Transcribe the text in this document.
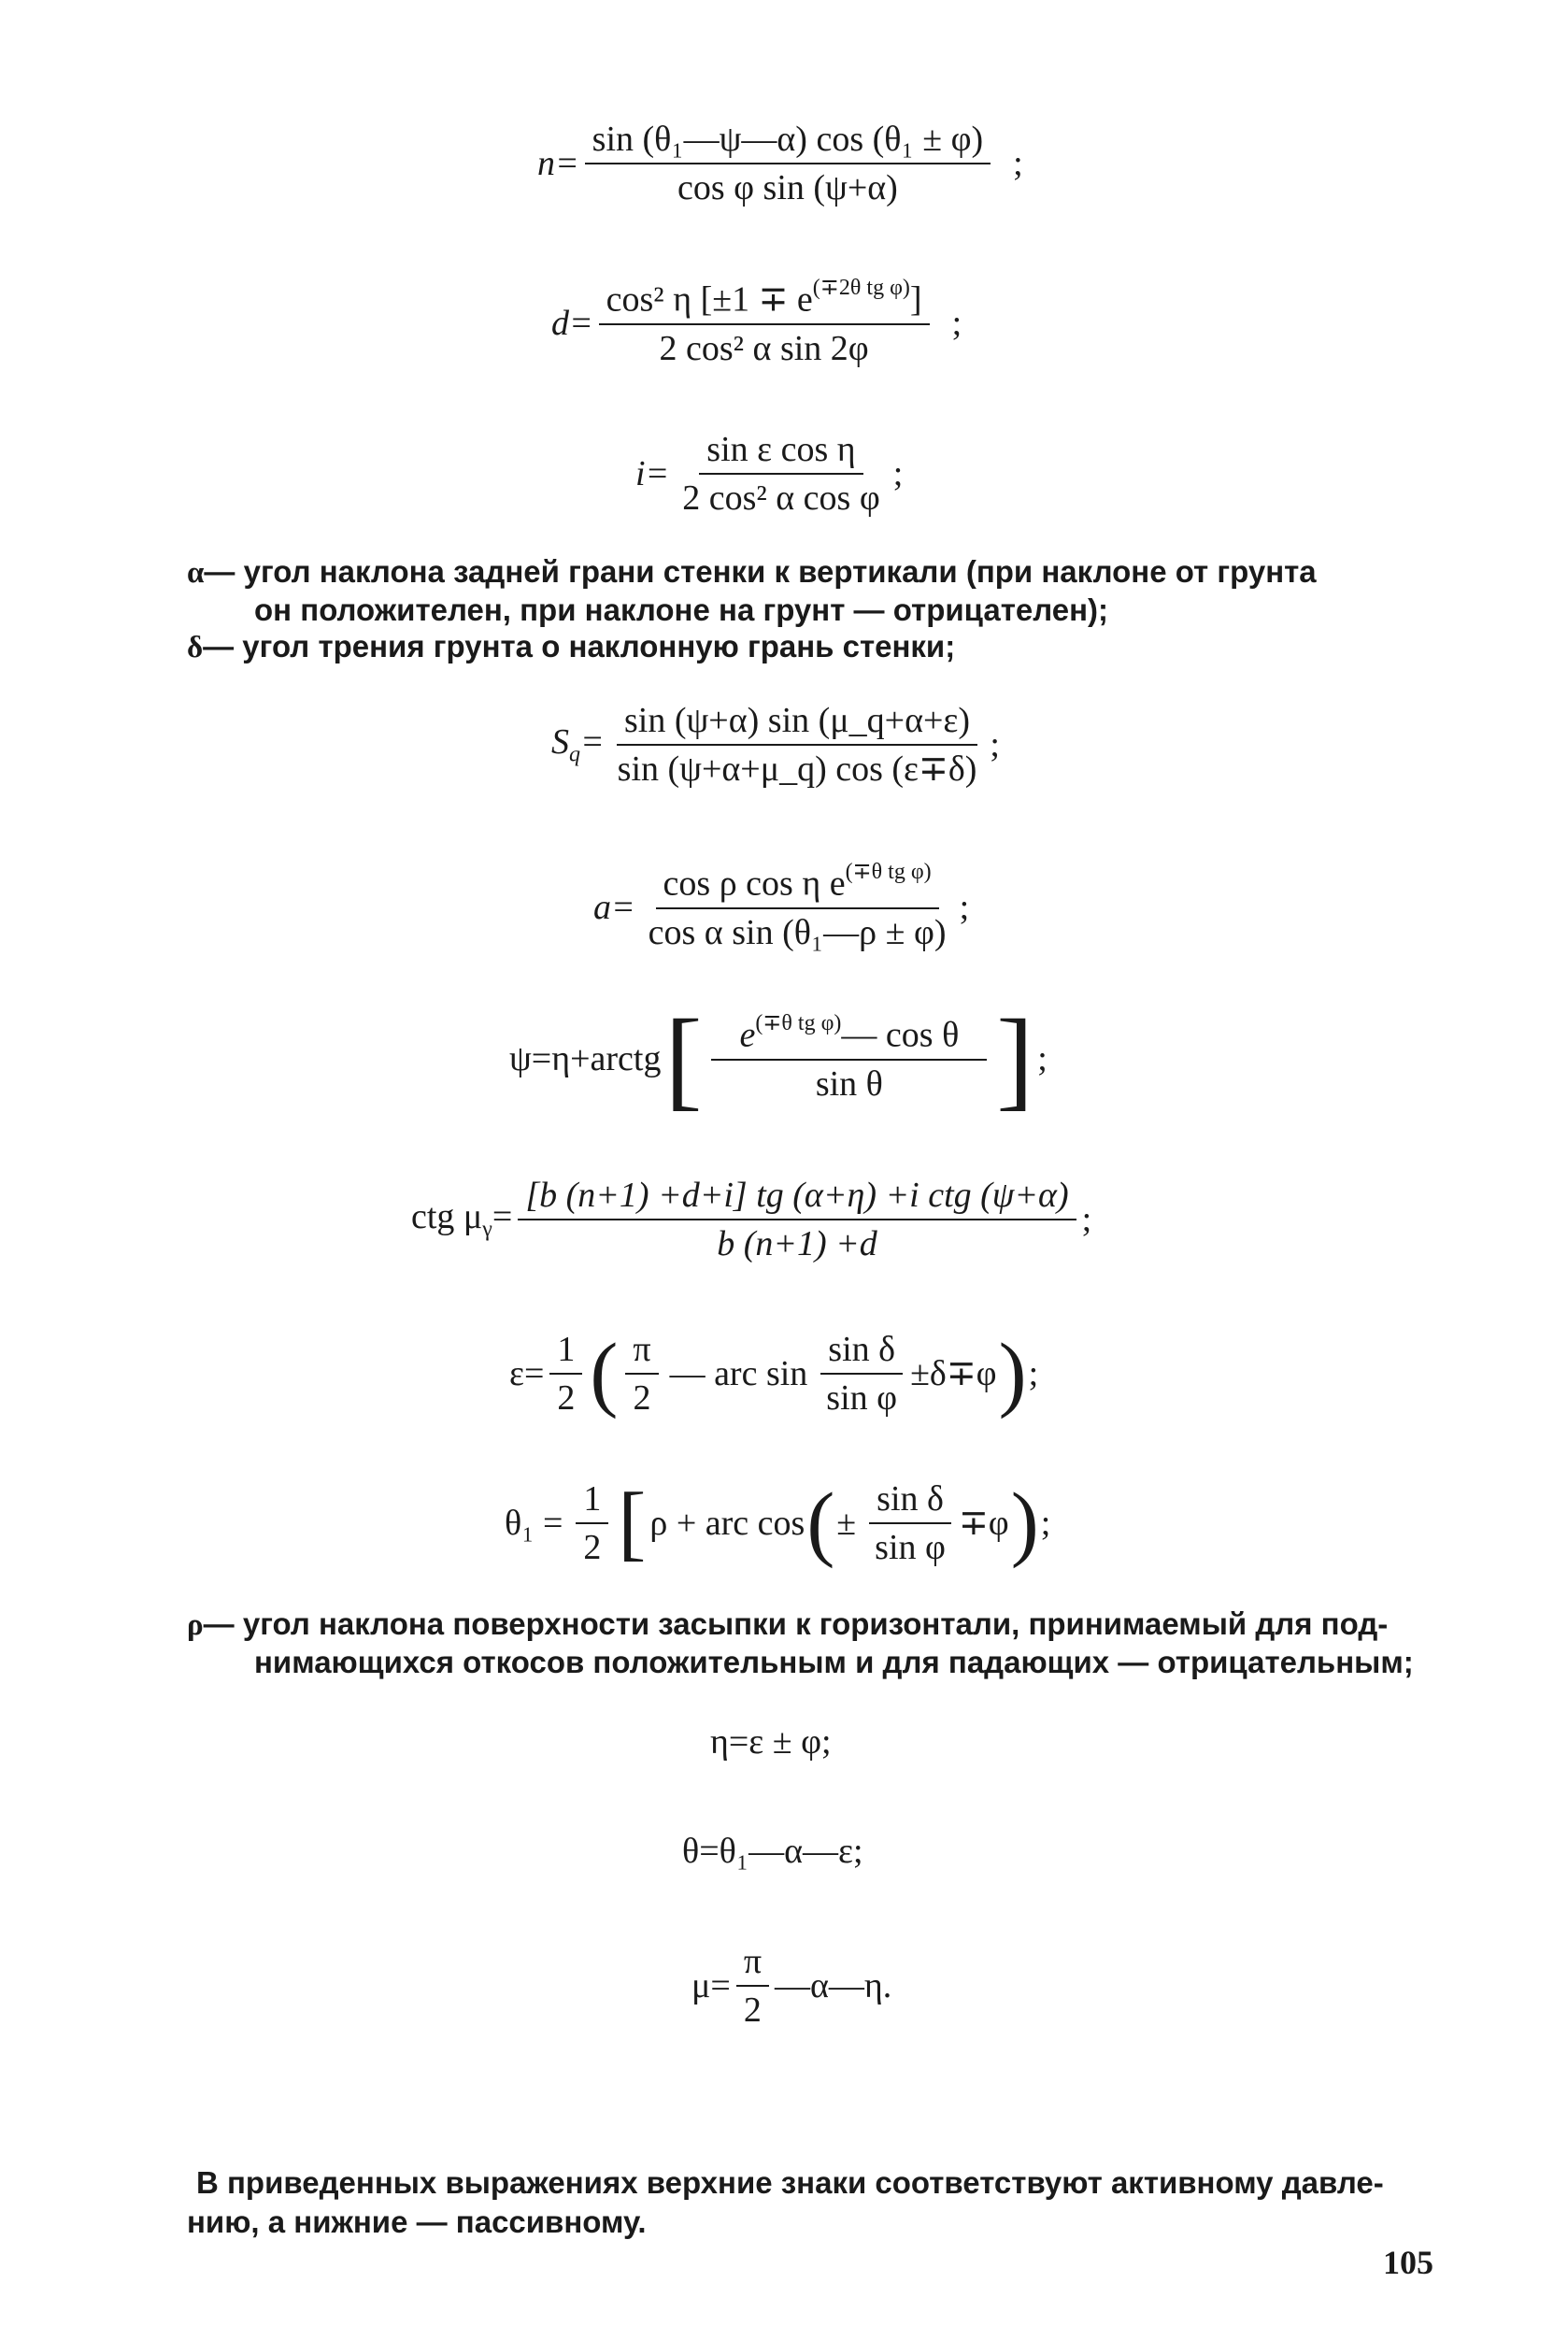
$n= \frac{\text{sin (θ₁—ψ—α) cos (θ₁ ± φ)}}{\text{cos φ sin (ψ+α)}}$ ;
$d= \frac{\cos^2 \eta [\pm 1 \mp e^{(\mp 2\theta tg \varphi)}]}{\text{2 cos² α sin 2φ}}$ ;
$i= \frac{\text{sin ε cos η}}{\text{2 cos² α cos φ}}$ ;
α— угол наклона задней грани стенки к вертикали (при наклоне от грунта
он положителен, при наклоне на грунт — отрицателен);
δ— угол трения грунта о наклонную грань стенки;
$S_q= \frac{\sin (\psi+\alpha) \sin (\mu\_q+\alpha+\varepsilon)}{\sin (\psi+\alpha+\mu\_q) \cos (\varepsilon\mp\delta)}$ ;
$a= \frac{\cos \rho \cos \eta e^{(\mp\theta tg \varphi)}}{\text{cos α sin (θ₁—ρ ± φ)}}$ ;
ψ=η+arctg [ $\frac{e^{(\mp\theta tg \varphi)}— \cos \theta}{\text{sin θ}}$ ] ;
ctg $\mu_\gamma= \frac{\text{[b (n+1) +d+i] tg (α+η) +i ctg (ψ+α)}}{b (n+1) +d}$ ;
$\varepsilon= \frac{1}{2}$ ( $\frac{\pi}{2}$ — arc $\sin \frac{\text{sin δ}}{\text{sin φ}} \pm\delta\mp\varphi$ ) ;
$\theta_1 = \frac{1}{2}$ [ ρ + arc cos ( ± $\frac{\text{sin δ}}{\text{sin φ}} \mp\varphi$ ) ;
ρ— угол наклона поверхности засыпки к горизонтали, принимаемый для под-
нимающихся откосов положительным и для падающих — отрицательным;
η=ε ± φ;
θ=θ₁—α—ε;
$\mu= \frac{\pi}{2}$ —α—η.
В приведенных выражениях верхние знаки соответствуют активному давле-
нию, а нижние — пассивному.
105
